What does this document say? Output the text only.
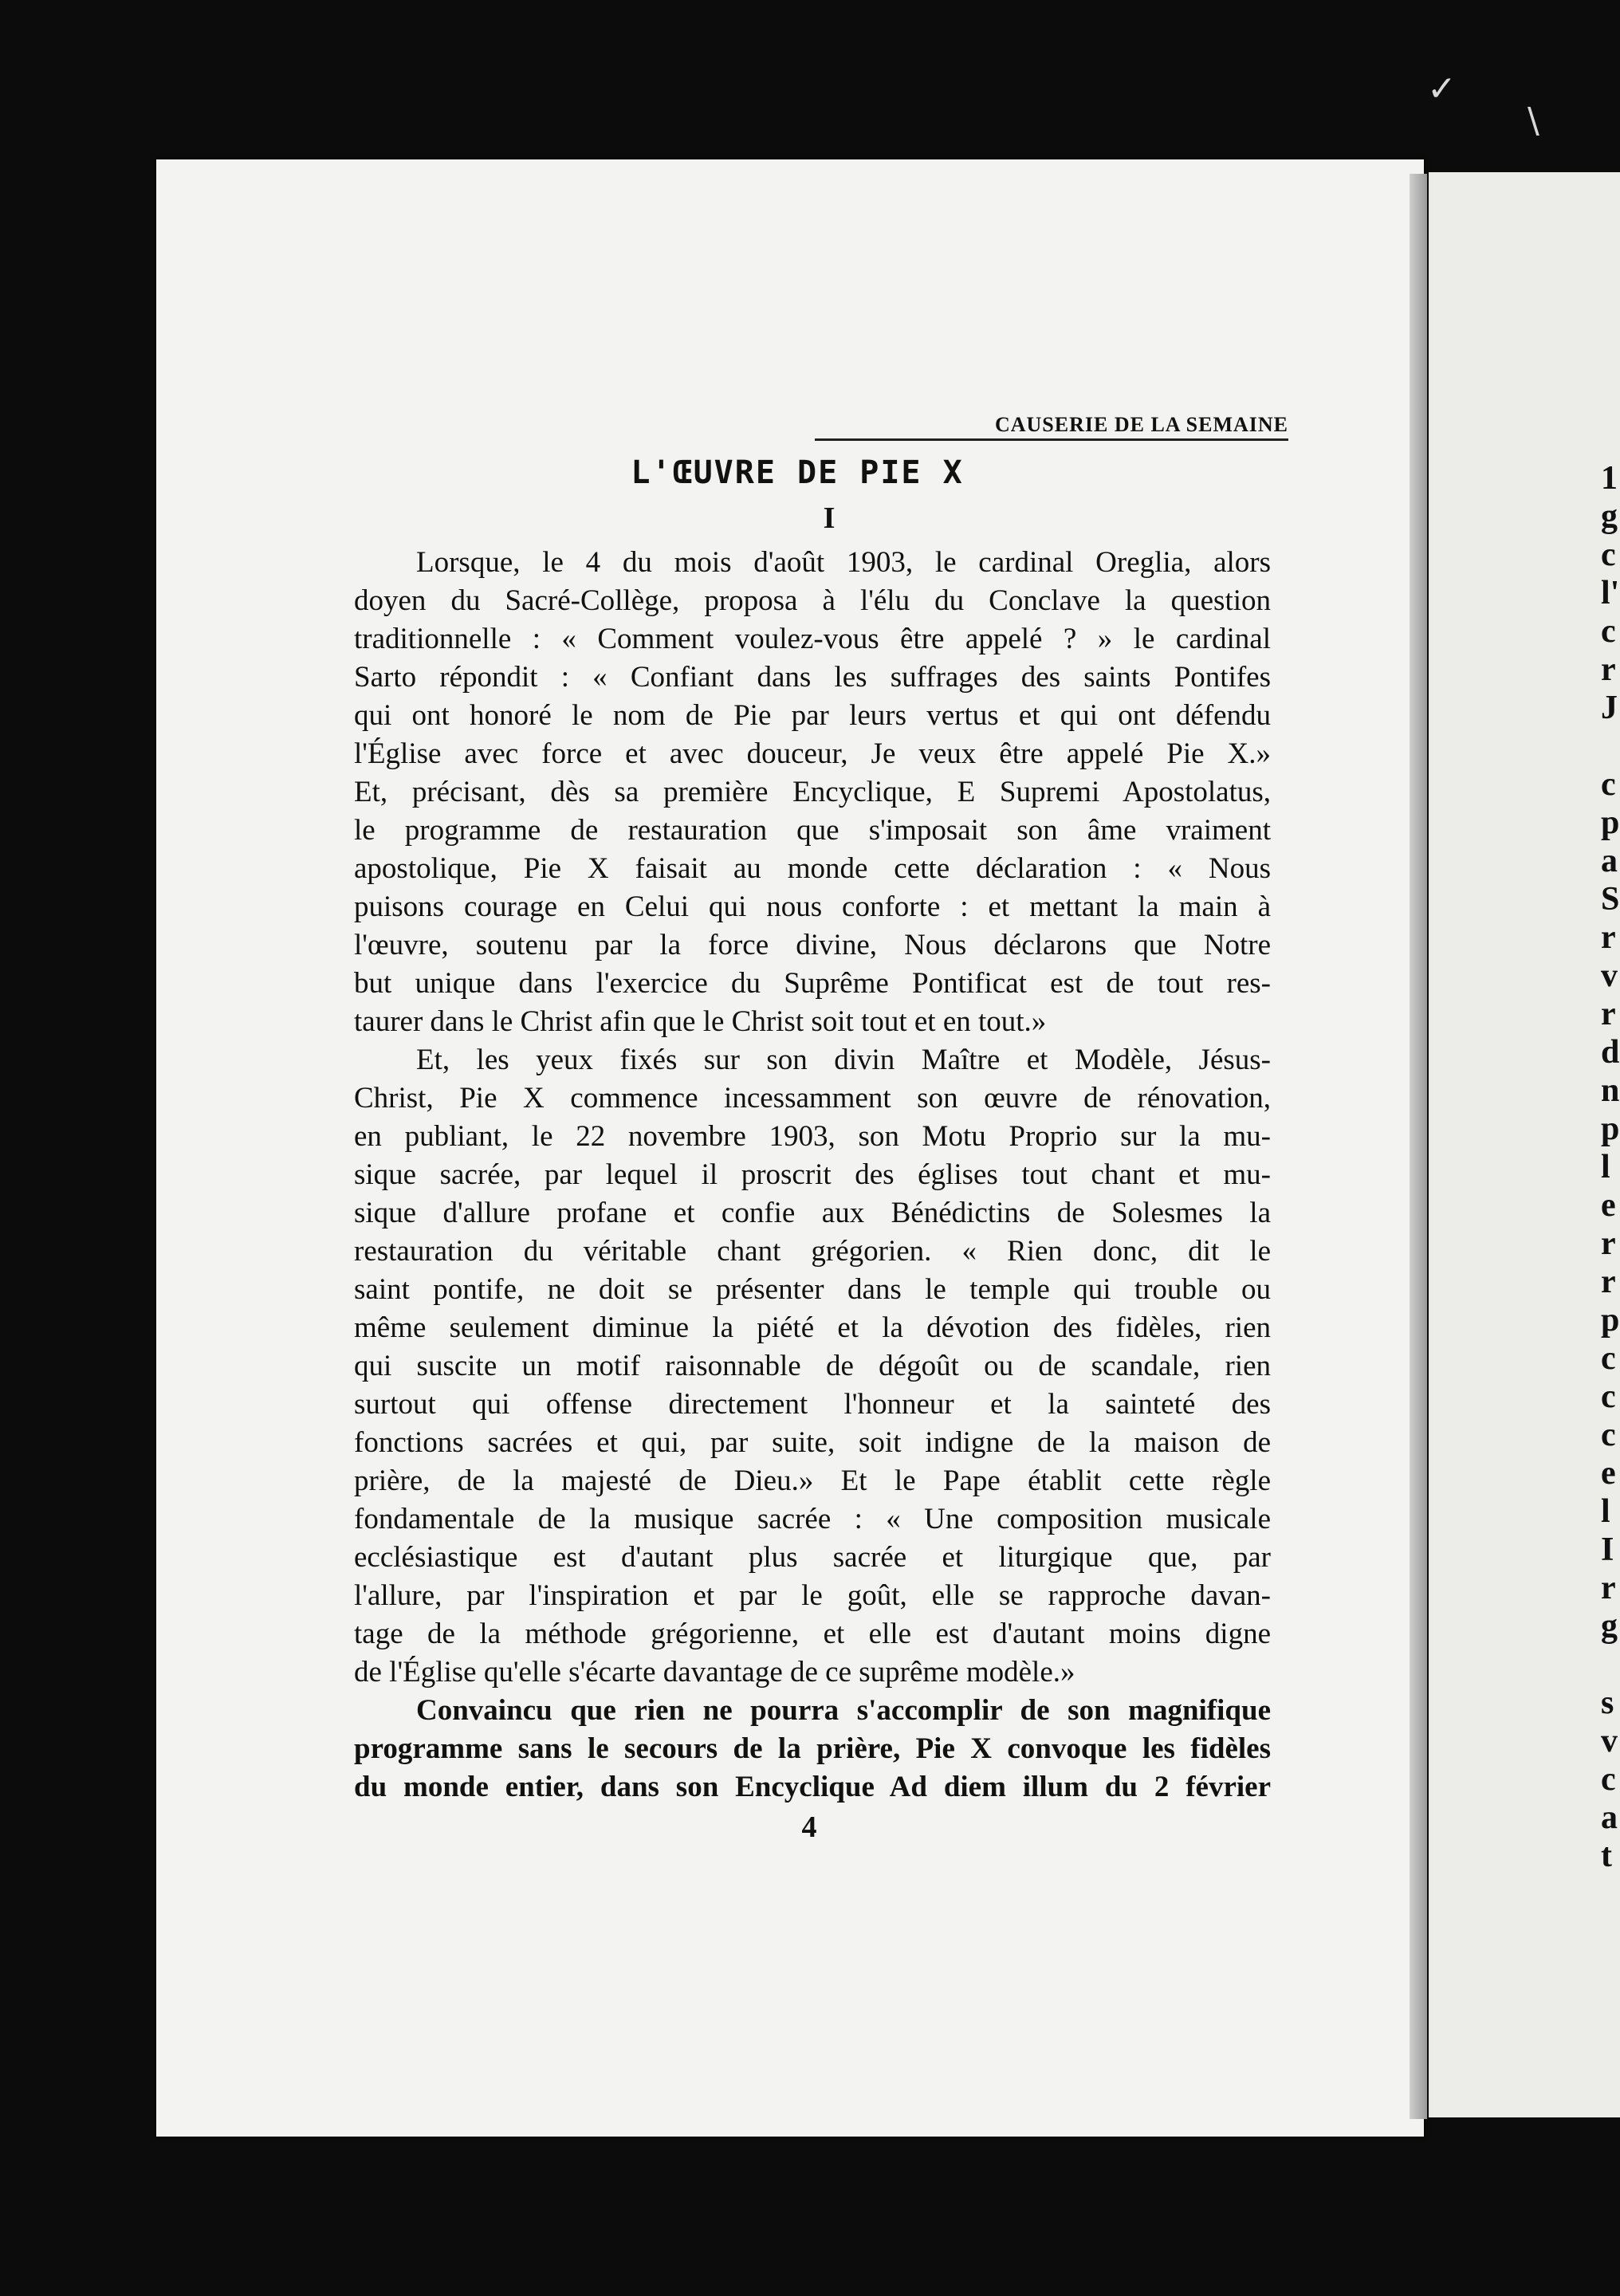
✓
\
1
g
c
l'
c
r
J
c
p
a
S
r
v
r
d
n
p
l
e
r
r
p
c
c
c
e
l
I
r
g
s
v
c
a
t
CAUSERIE DE LA SEMAINE
L'ŒUVRE DE PIE X
I
Lorsque, le 4 du mois d'août 1903, le cardinal Oreglia, alors
doyen du Sacré-Collège, proposa à l'élu du Conclave la question
traditionnelle : « Comment voulez-vous être appelé ? » le cardinal
Sarto répondit : « Confiant dans les suffrages des saints Pontifes
qui ont honoré le nom de Pie par leurs vertus et qui ont défendu
l'Église avec force et avec douceur, Je veux être appelé Pie X.»
Et, précisant, dès sa première Encyclique, E Supremi Apostolatus,
le programme de restauration que s'imposait son âme vraiment
apostolique, Pie X faisait au monde cette déclaration : « Nous
puisons courage en Celui qui nous conforte : et mettant la main à
l'œuvre, soutenu par la force divine, Nous déclarons que Notre
but unique dans l'exercice du Suprême Pontificat est de tout res-
taurer dans le Christ afin que le Christ soit tout et en tout.»
Et, les yeux fixés sur son divin Maître et Modèle, Jésus-
Christ, Pie X commence incessamment son œuvre de rénovation,
en publiant, le 22 novembre 1903, son Motu Proprio sur la mu-
sique sacrée, par lequel il proscrit des églises tout chant et mu-
sique d'allure profane et confie aux Bénédictins de Solesmes la
restauration du véritable chant grégorien. « Rien donc, dit le
saint pontife, ne doit se présenter dans le temple qui trouble ou
même seulement diminue la piété et la dévotion des fidèles, rien
qui suscite un motif raisonnable de dégoût ou de scandale, rien
surtout qui offense directement l'honneur et la sainteté des
fonctions sacrées et qui, par suite, soit indigne de la maison de
prière, de la majesté de Dieu.» Et le Pape établit cette règle
fondamentale de la musique sacrée : « Une composition musicale
ecclésiastique est d'autant plus sacrée et liturgique que, par
l'allure, par l'inspiration et par le goût, elle se rapproche davan-
tage de la méthode grégorienne, et elle est d'autant moins digne
de l'Église qu'elle s'écarte davantage de ce suprême modèle.»
Convaincu que rien ne pourra s'accomplir de son magnifique
programme sans le secours de la prière, Pie X convoque les fidèles
du monde entier, dans son Encyclique Ad diem illum du 2 février
4
